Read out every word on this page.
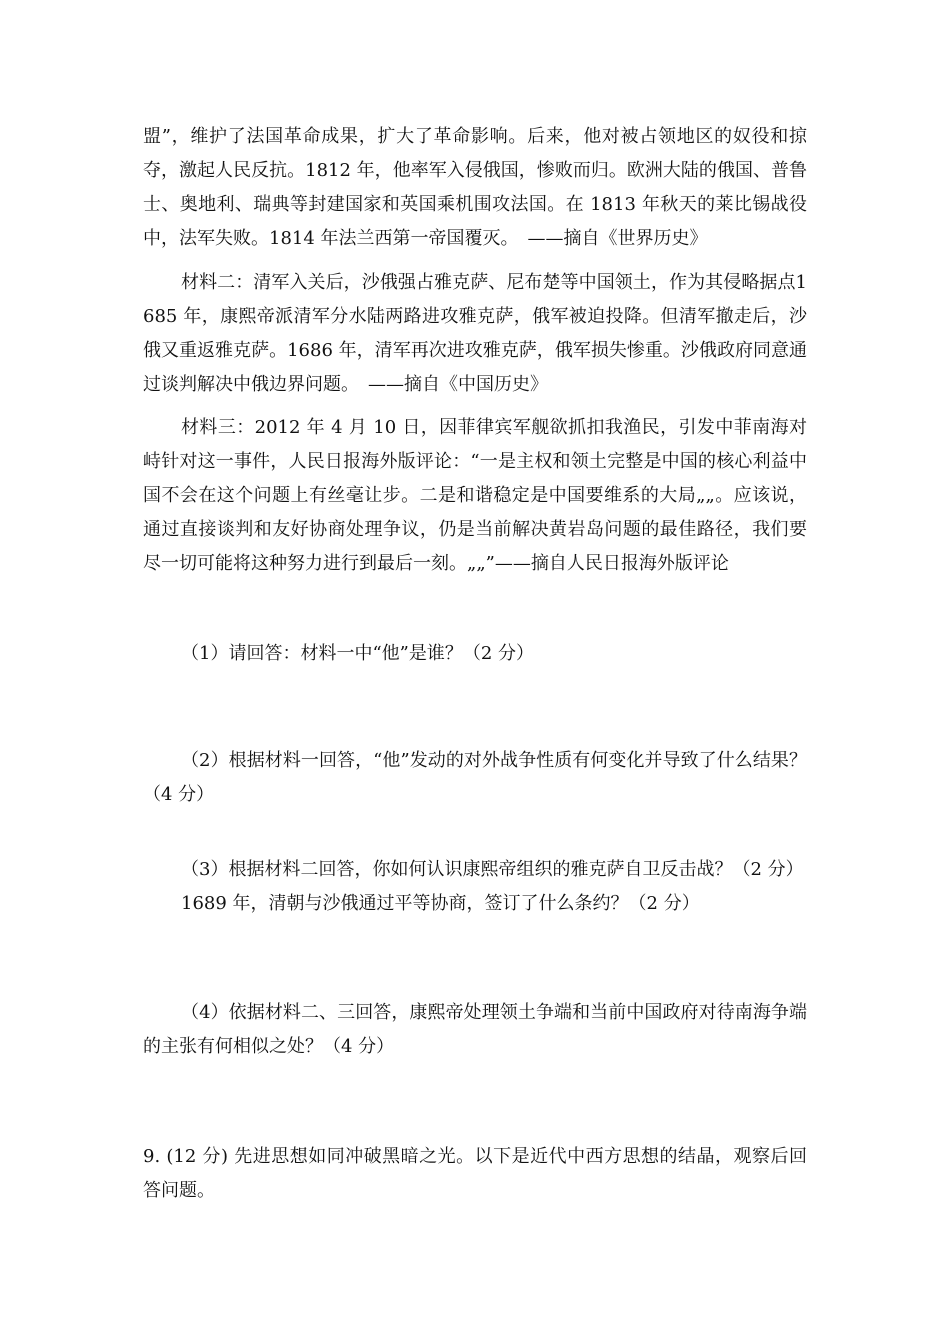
盟”，维护了法国革命成果，扩大了革命影响。后来，他对被占领地区的奴役和掠夺，激起人民反抗。1812 年，他率军入侵俄国，惨败而归。欧洲大陆的俄国、普鲁士、奥地利、瑞典等封建国家和英国乘机围攻法国。在 1813 年秋天的莱比锡战役中，法军失败。1814 年法兰西第一帝国覆灭。　——摘自《世界历史》
材料二：清军入关后，沙俄强占雅克萨、尼布楚等中国领土，作为其侵略据点1685 年，康熙帝派清军分水陆两路进攻雅克萨，俄军被迫投降。但清军撤走后，沙俄又重返雅克萨。1686 年，清军再次进攻雅克萨，俄军损失惨重。沙俄政府同意通过谈判解决中俄边界问题。　——摘自《中国历史》
材料三：2012 年 4 月 10 日，因菲律宾军舰欲抓扣我渔民，引发中菲南海对峙针对这一事件，人民日报海外版评论：“一是主权和领土完整是中国的核心利益中国不会在这个问题上有丝毫让步。二是和谐稳定是中国要维系的大局„„。应该说，通过直接谈判和友好协商处理争议，仍是当前解决黄岩岛问题的最佳路径，我们要尽一切可能将这种努力进行到最后一刻。„„”——摘自人民日报海外版评论
（1）请回答：材料一中“他”是谁？（2 分）
（2）根据材料一回答，“他”发动的对外战争性质有何变化并导致了什么结果？（4 分）
（3）根据材料二回答，你如何认识康熙帝组织的雅克萨自卫反击战？（2 分）
1689 年，清朝与沙俄通过平等协商，签订了什么条约？（2 分）
（4）依据材料二、三回答，康熙帝处理领土争端和当前中国政府对待南海争端的主张有何相似之处？（4 分）
9. (12 分) 先进思想如同冲破黑暗之光。以下是近代中西方思想的结晶，观察后回答问题。
